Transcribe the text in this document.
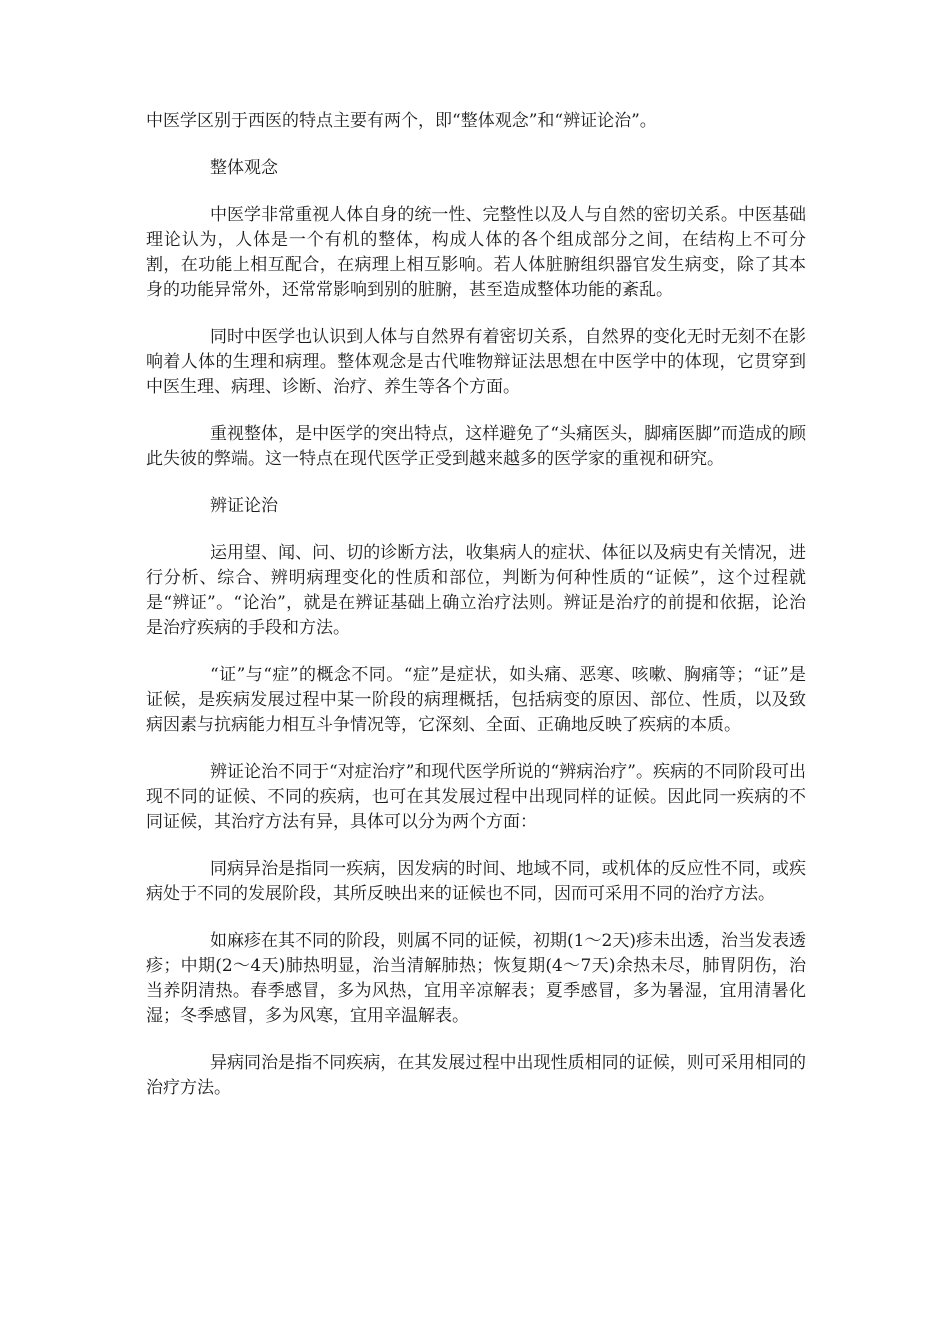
中医学区别于西医的特点主要有两个，即“整体观念”和“辨证论治”。

整体观念

中医学非常重视人体自身的统一性、完整性以及人与自然的密切关系。中医基础理论认为，人体是一个有机的整体，构成人体的各个组成部分之间，在结构上不可分割，在功能上相互配合，在病理上相互影响。若人体脏腑组织器官发生病变，除了其本身的功能异常外，还常常影响到别的脏腑，甚至造成整体功能的紊乱。

同时中医学也认识到人体与自然界有着密切关系，自然界的变化无时无刻不在影响着人体的生理和病理。整体观念是古代唯物辩证法思想在中医学中的体现，它贯穿到中医生理、病理、诊断、治疗、养生等各个方面。

重视整体，是中医学的突出特点，这样避免了“头痛医头，脚痛医脚”而造成的顾此失彼的弊端。这一特点在现代医学正受到越来越多的医学家的重视和研究。

辨证论治

运用望、闻、问、切的诊断方法，收集病人的症状、体征以及病史有关情况，进行分析、综合、辨明病理变化的性质和部位，判断为何种性质的“证候”，这个过程就是“辨证”。“论治”，就是在辨证基础上确立治疗法则。辨证是治疗的前提和依据，论治是治疗疾病的手段和方法。

“证”与“症”的概念不同。“症”是症状，如头痛、恶寒、咳嗽、胸痛等；“证”是证候，是疾病发展过程中某一阶段的病理概括，包括病变的原因、部位、性质，以及致病因素与抗病能力相互斗争情况等，它深刻、全面、正确地反映了疾病的本质。

辨证论治不同于“对症治疗”和现代医学所说的“辨病治疗”。疾病的不同阶段可出现不同的证候、不同的疾病，也可在其发展过程中出现同样的证候。因此同一疾病的不同证候，其治疗方法有异，具体可以分为两个方面：

同病异治是指同一疾病，因发病的时间、地域不同，或机体的反应性不同，或疾病处于不同的发展阶段，其所反映出来的证候也不同，因而可采用不同的治疗方法。

如麻疹在其不同的阶段，则属不同的证候，初期(1～2天)疹未出透，治当发表透疹；中期(2～4天)肺热明显，治当清解肺热；恢复期(4～7天)余热未尽，肺胃阴伤，治当养阴清热。春季感冒，多为风热，宜用辛凉解表；夏季感冒，多为暑湿，宜用清暑化湿；冬季感冒，多为风寒，宜用辛温解表。

异病同治是指不同疾病，在其发展过程中出现性质相同的证候，则可采用相同的治疗方法。
